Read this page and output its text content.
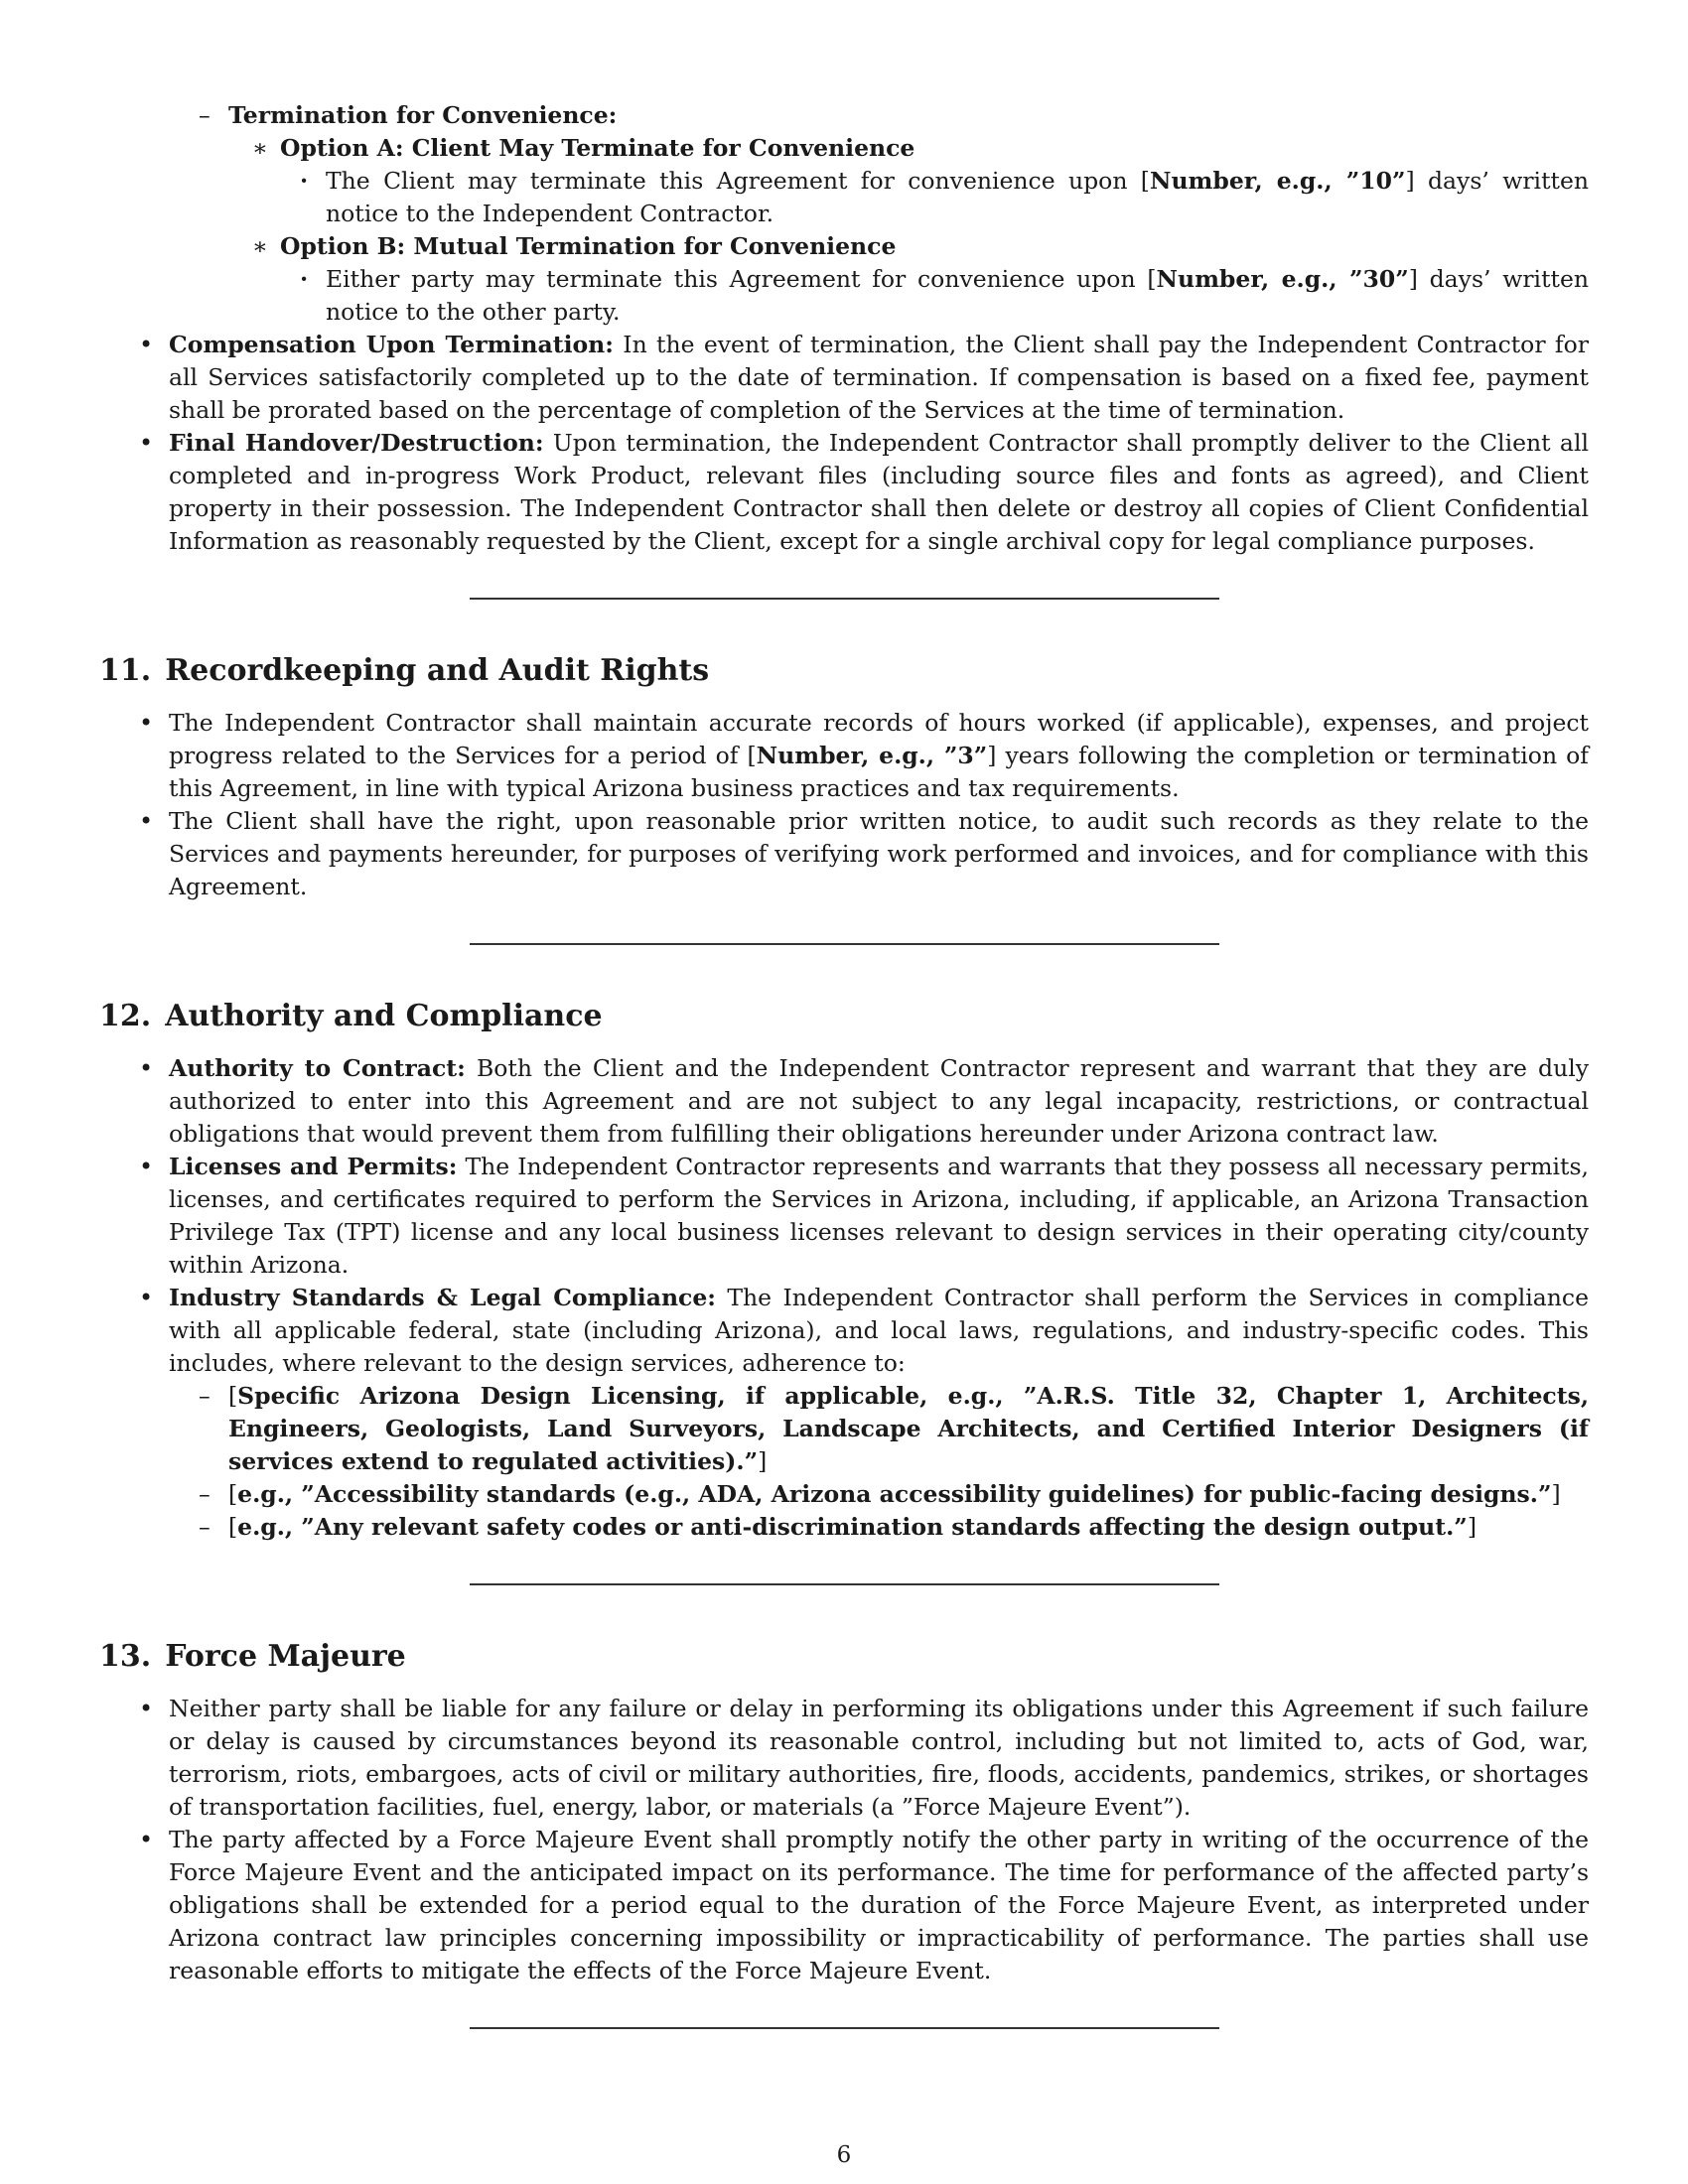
– Termination for Convenience:
∗ Option A: Client May Terminate for Convenience
· The Client may terminate this Agreement for convenience upon [Number, e.g., ”10”] days’ written notice to the Independent Contractor.
∗ Option B: Mutual Termination for Convenience
· Either party may terminate this Agreement for convenience upon [Number, e.g., ”30”] days’ written notice to the other party.
• Compensation Upon Termination: In the event of termination, the Client shall pay the Independent Contractor for all Services satisfactorily completed up to the date of termination. If compensation is based on a fixed fee, payment shall be prorated based on the percentage of completion of the Services at the time of termination.
• Final Handover/Destruction: Upon termination, the Independent Contractor shall promptly deliver to the Client all completed and in-progress Work Product, relevant files (including source files and fonts as agreed), and Client property in their possession. The Independent Contractor shall then delete or destroy all copies of Client Confidential Information as reasonably requested by the Client, except for a single archival copy for legal compliance purposes.
11. Recordkeeping and Audit Rights
• The Independent Contractor shall maintain accurate records of hours worked (if applicable), expenses, and project progress related to the Services for a period of [Number, e.g., ”3”] years following the completion or termination of this Agreement, in line with typical Arizona business practices and tax requirements.
• The Client shall have the right, upon reasonable prior written notice, to audit such records as they relate to the Services and payments hereunder, for purposes of verifying work performed and invoices, and for compliance with this Agreement.
12. Authority and Compliance
• Authority to Contract: Both the Client and the Independent Contractor represent and warrant that they are duly authorized to enter into this Agreement and are not subject to any legal incapacity, restrictions, or contractual obligations that would prevent them from fulfilling their obligations hereunder under Arizona contract law.
• Licenses and Permits: The Independent Contractor represents and warrants that they possess all necessary permits, licenses, and certificates required to perform the Services in Arizona, including, if applicable, an Arizona Transaction Privilege Tax (TPT) license and any local business licenses relevant to design services in their operating city/county within Arizona.
• Industry Standards & Legal Compliance: The Independent Contractor shall perform the Services in compliance with all applicable federal, state (including Arizona), and local laws, regulations, and industry-specific codes. This includes, where relevant to the design services, adherence to:
– [Specific Arizona Design Licensing, if applicable, e.g., ”A.R.S. Title 32, Chapter 1, Architects, Engineers, Geologists, Land Surveyors, Landscape Architects, and Certified Interior Designers (if services extend to regulated activities).”]
– [e.g., ”Accessibility standards (e.g., ADA, Arizona accessibility guidelines) for public-facing designs.”]
– [e.g., ”Any relevant safety codes or anti-discrimination standards affecting the design output.”]
13. Force Majeure
• Neither party shall be liable for any failure or delay in performing its obligations under this Agreement if such failure or delay is caused by circumstances beyond its reasonable control, including but not limited to, acts of God, war, terrorism, riots, embargoes, acts of civil or military authorities, fire, floods, accidents, pandemics, strikes, or shortages of transportation facilities, fuel, energy, labor, or materials (a ”Force Majeure Event”).
• The party affected by a Force Majeure Event shall promptly notify the other party in writing of the occurrence of the Force Majeure Event and the anticipated impact on its performance. The time for performance of the affected party’s obligations shall be extended for a period equal to the duration of the Force Majeure Event, as interpreted under Arizona contract law principles concerning impossibility or impracticability of performance. The parties shall use reasonable efforts to mitigate the effects of the Force Majeure Event.
6
